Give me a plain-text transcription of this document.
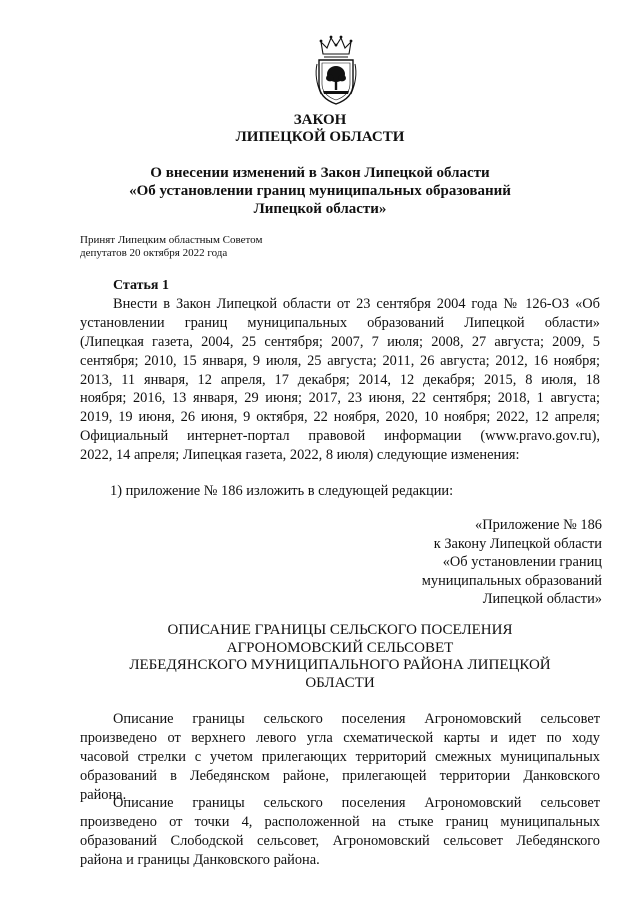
ЗАКОН
ЛИПЕЦКОЙ ОБЛАСТИ
О внесении изменений в Закон Липецкой области
«Об установлении границ муниципальных образований
Липецкой области»
Принят Липецким областным Советом
депутатов 20 октября 2022 года
Статья 1
Внести в Закон Липецкой области от 23 сентября 2004 года № 126-ОЗ «Об
установлении границ муниципальных образований Липецкой области»
(Липецкая газета, 2004, 25 сентября; 2007, 7 июля; 2008, 27 августа; 2009, 5
сентября; 2010, 15 января, 9 июля, 25 августа; 2011, 26 августа; 2012, 16 ноября;
2013, 11 января, 12 апреля, 17 декабря; 2014, 12 декабря; 2015, 8 июля, 18
ноября; 2016, 13 января, 29 июня; 2017, 23 июня, 22 сентября; 2018, 1 августа;
2019, 19 июня, 26 июня, 9 октября, 22 ноября, 2020, 10 ноября; 2022, 12 апреля;
Официальный интернет-портал правовой информации (www.pravo.gov.ru),
2022, 14 апреля; Липецкая газета, 2022, 8 июля) следующие изменения:
1) приложение № 186 изложить в следующей редакции:
«Приложение № 186
к Закону Липецкой области
«Об установлении границ
муниципальных образований
Липецкой области»
ОПИСАНИЕ ГРАНИЦЫ СЕЛЬСКОГО ПОСЕЛЕНИЯ
АГРОНОМОВСКИЙ СЕЛЬСОВЕТ
ЛЕБЕДЯНСКОГО МУНИЦИПАЛЬНОГО РАЙОНА ЛИПЕЦКОЙ
ОБЛАСТИ
Описание границы сельского поселения Агрономовский сельсовет
произведено от верхнего левого угла схематической карты и идет по ходу
часовой стрелки с учетом прилегающих территорий смежных муниципальных
образований в Лебедянском районе, прилегающей территории Данковского
района.
Описание границы сельского поселения Агрономовский сельсовет
произведено от точки 4, расположенной на стыке границ муниципальных
образований Слободской сельсовет, Агрономовский сельсовет Лебедянского
района и границы Данковского района.
